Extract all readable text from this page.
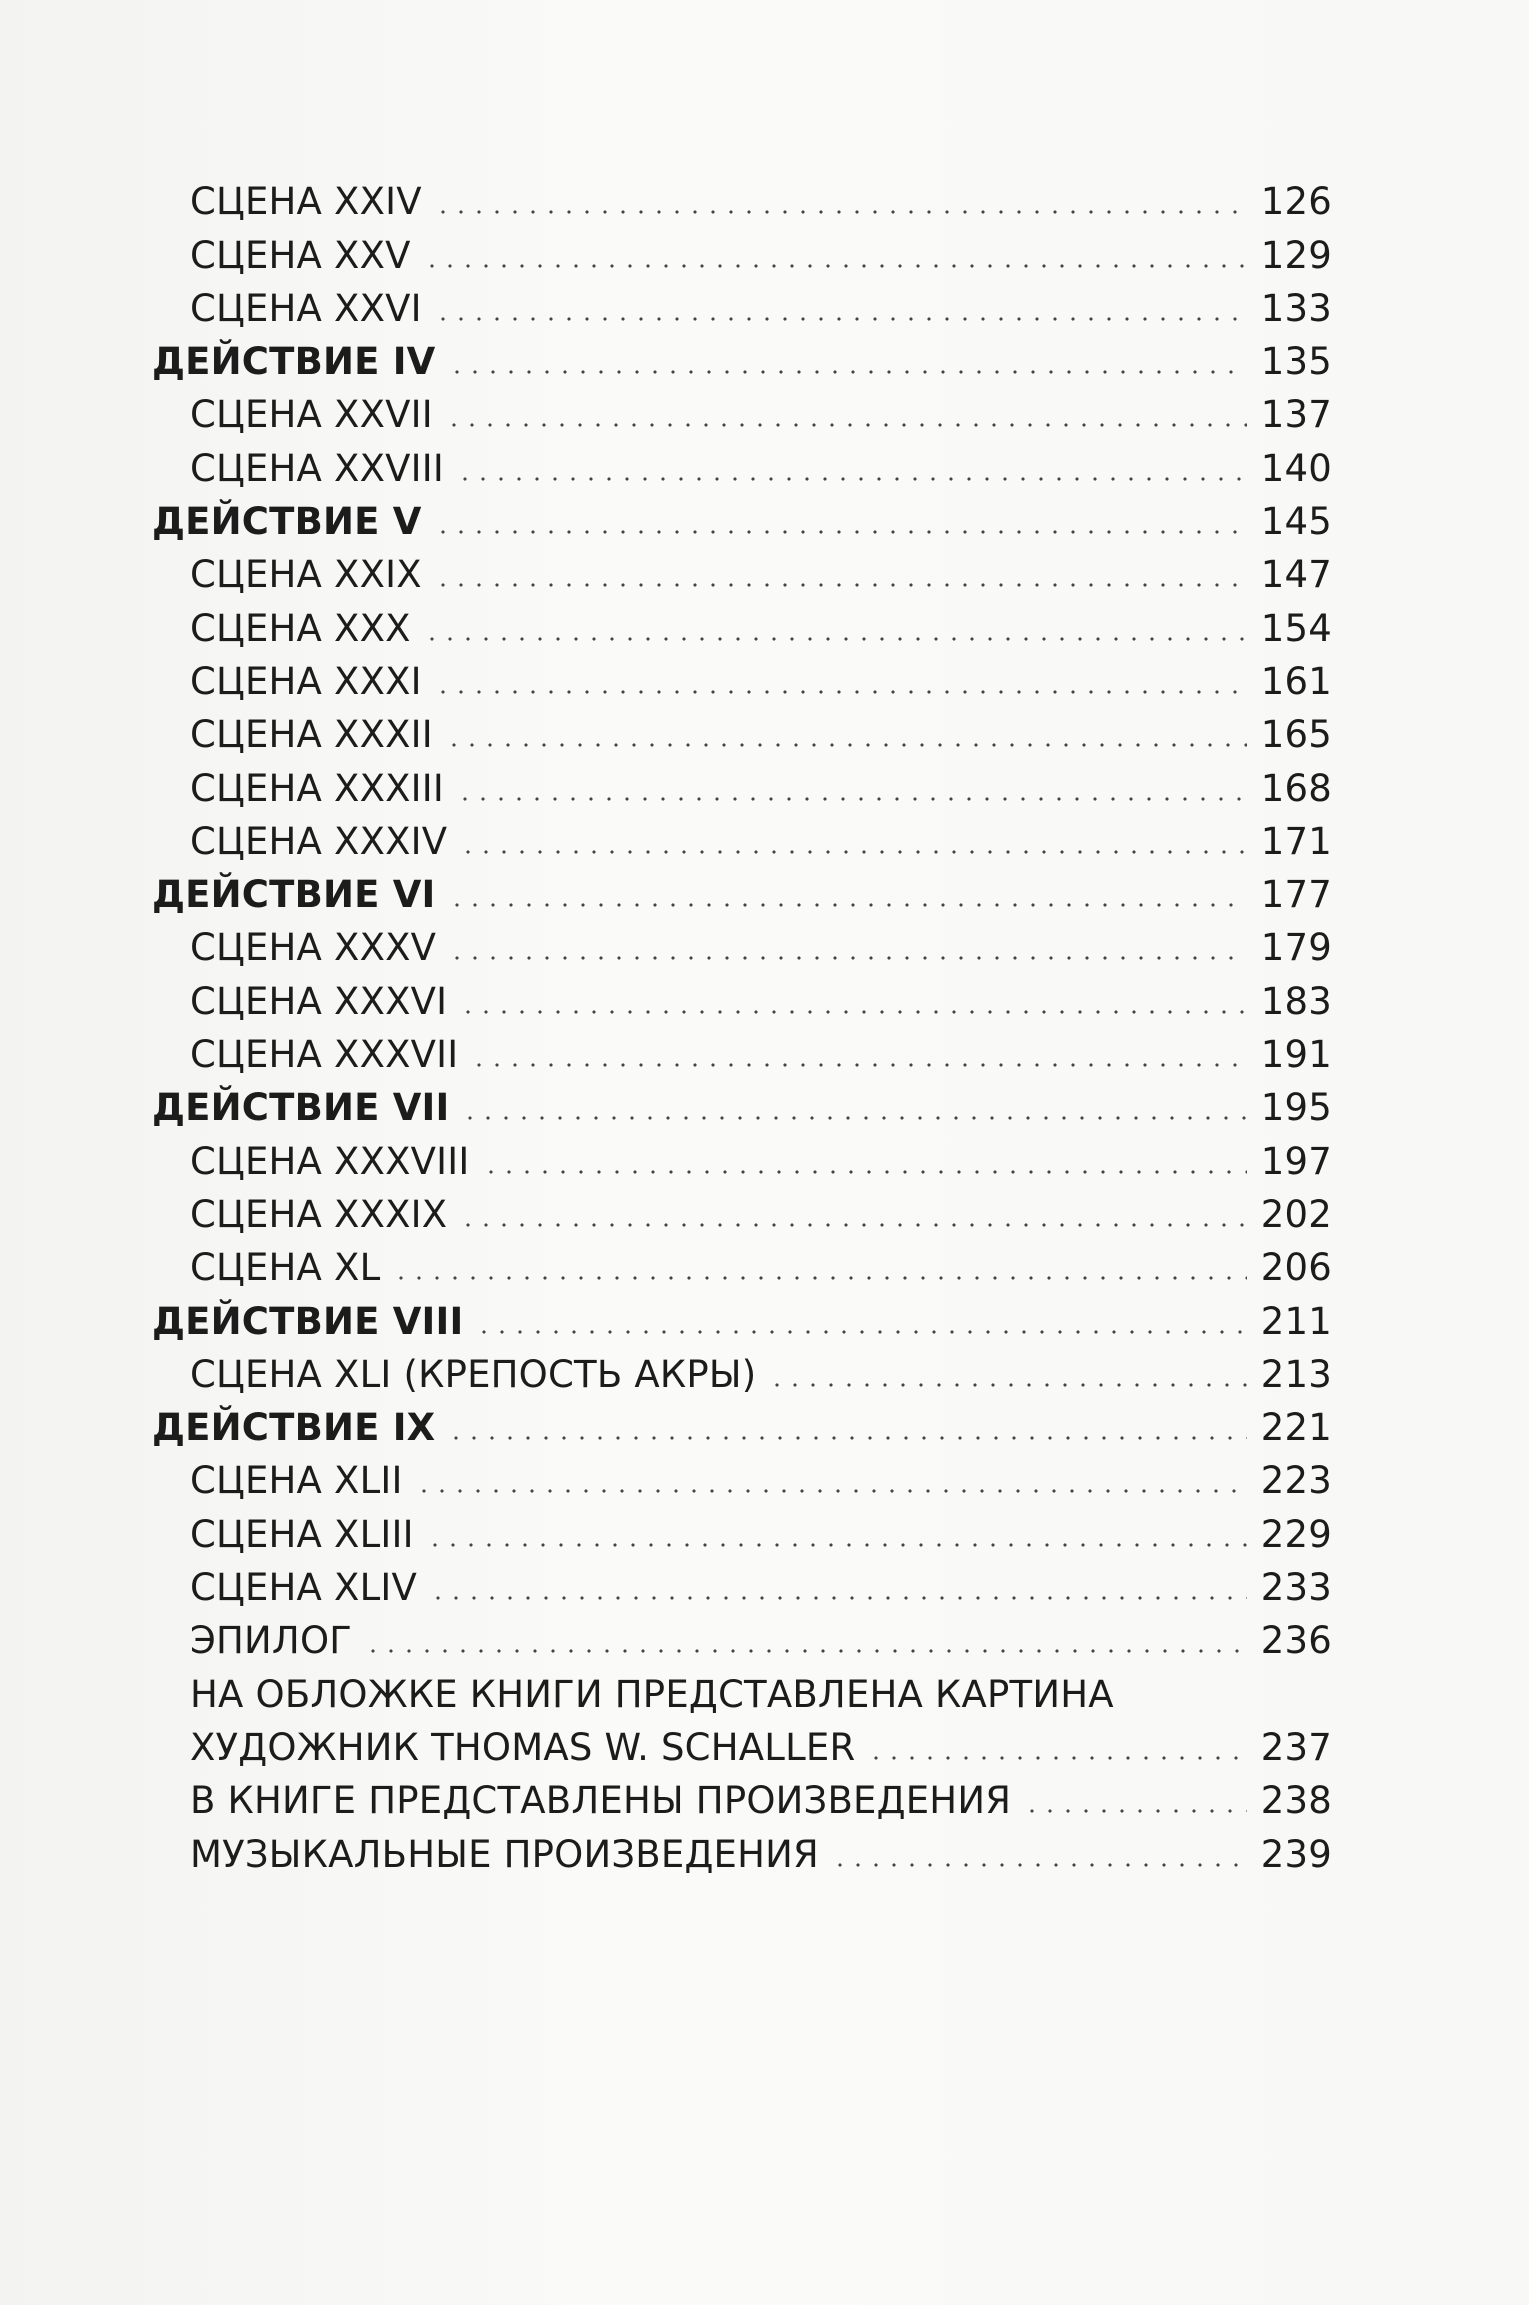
СЦЕНА XXIV	126
СЦЕНА XXV	129
СЦЕНА XXVI	133
ДЕЙСТВИЕ IV	135
СЦЕНА XXVII	137
СЦЕНА XXVIII	140
ДЕЙСТВИЕ V	145
СЦЕНА XXIX	147
СЦЕНА XXX	154
СЦЕНА XXXI	161
СЦЕНА XXXII	165
СЦЕНА XXXIII	168
СЦЕНА XXXIV	171
ДЕЙСТВИЕ VI	177
СЦЕНА XXXV	179
СЦЕНА XXXVI	183
СЦЕНА XXXVII	191
ДЕЙСТВИЕ VII	195
СЦЕНА XXXVIII	197
СЦЕНА XXXIX	202
СЦЕНА XL	206
ДЕЙСТВИЕ VIII	211
СЦЕНА XLI (КРЕПОСТЬ АКРЫ)	213
ДЕЙСТВИЕ IX	221
СЦЕНА XLII	223
СЦЕНА XLIII	229
СЦЕНА XLIV	233
ЭПИЛОГ	236
НА ОБЛОЖКЕ КНИГИ ПРЕДСТАВЛЕНА КАРТИНА
ХУДОЖНИК THOMAS W. SCHALLER	237
В КНИГЕ ПРЕДСТАВЛЕНЫ ПРОИЗВЕДЕНИЯ	238
МУЗЫКАЛЬНЫЕ ПРОИЗВЕДЕНИЯ	239
